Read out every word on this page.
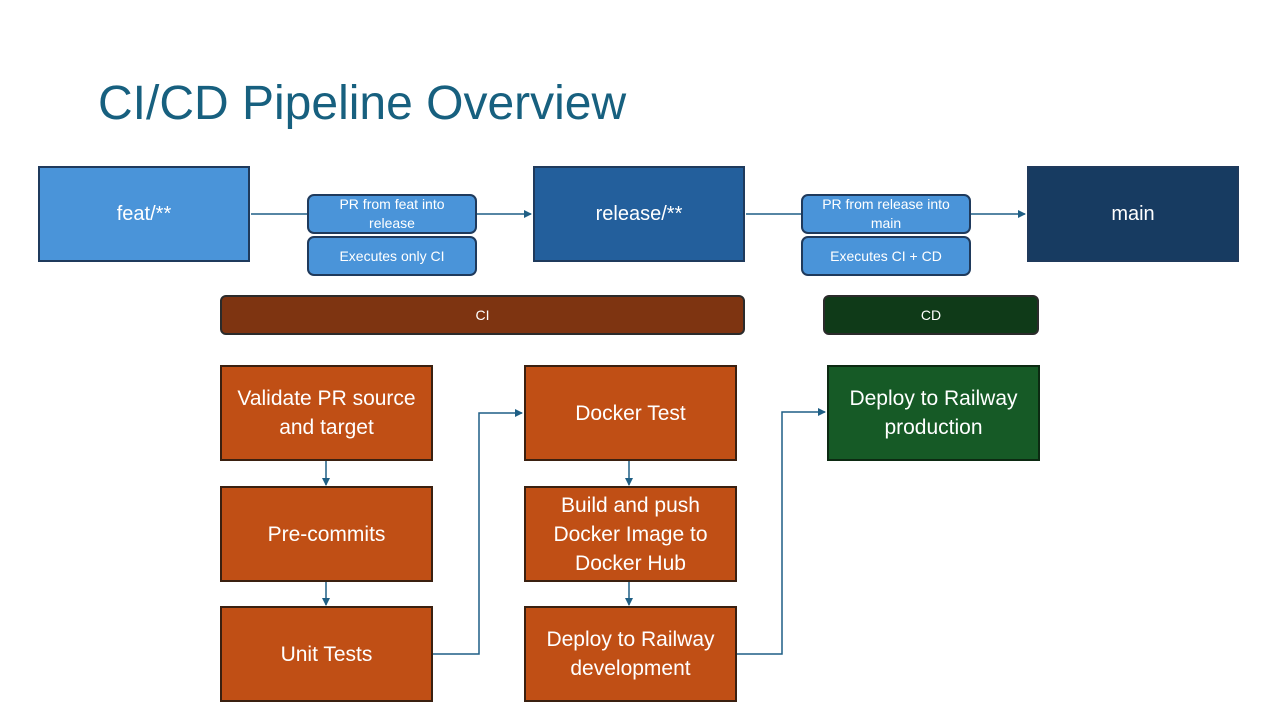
CI/CD Pipeline Overview
feat/**	release/**	main
PR from feat into release
Executes only CI
PR from release into main
Executes CI + CD
CI	CD
Validate PR source and target
Pre-commits
Unit Tests
Docker Test
Build and push Docker Image to Docker Hub
Deploy to Railway development
Deploy to Railway production
